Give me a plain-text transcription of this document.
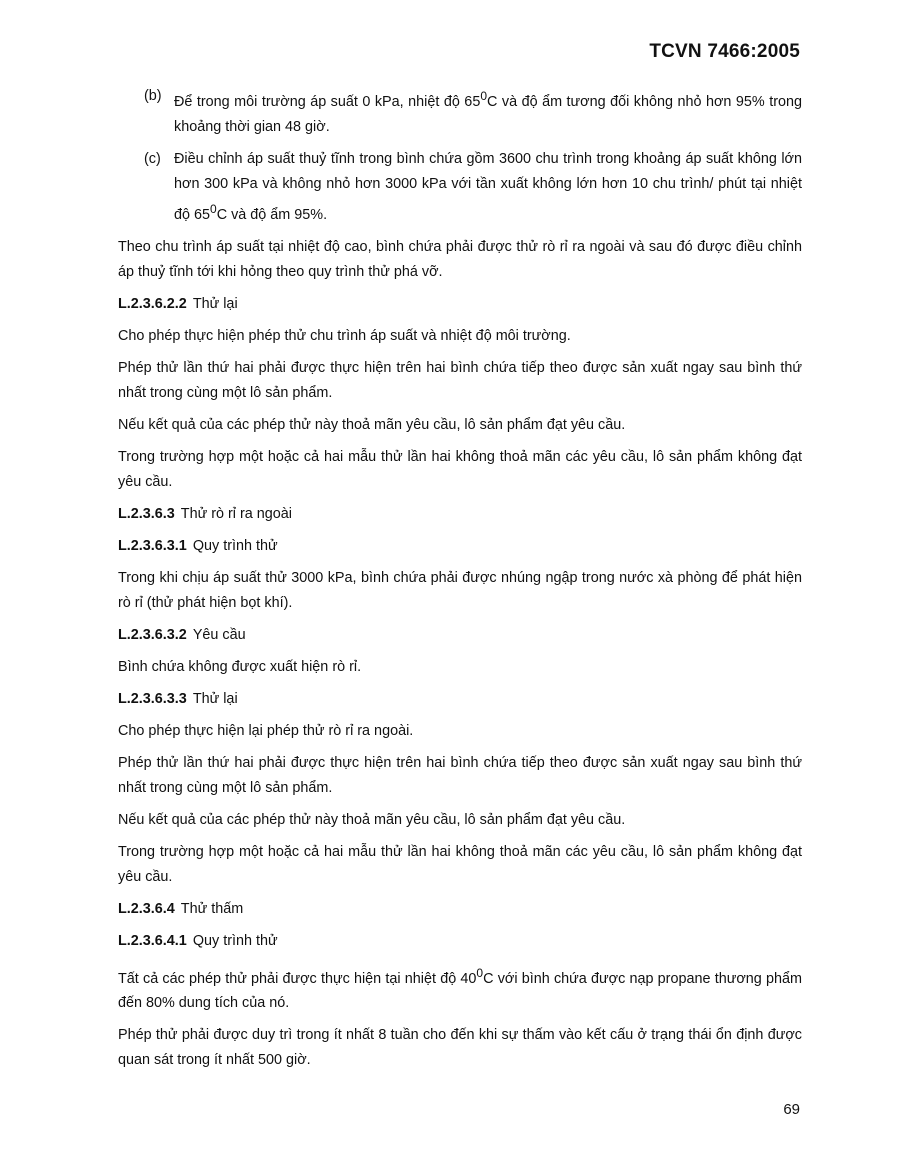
TCVN 7466:2005
(b) Để trong môi trường áp suất 0 kPa, nhiệt độ $65^0C$ và độ ẩm tương đối không nhỏ hơn 95% trong khoảng thời gian 48 giờ.
(c) Điều chỉnh áp suất thuỷ tĩnh trong bình chứa gồm 3600 chu trình trong khoảng áp suất không lớn hơn 300 kPa và không nhỏ hơn 3000 kPa với tần xuất không lớn hơn 10 chu trình/ phút tại nhiệt độ $65^0C$ và độ ẩm 95%.

Theo chu trình áp suất tại nhiệt độ cao, bình chứa phải được thử rò rỉ ra ngoài và sau đó được điều chỉnh áp thuỷ tĩnh tới khi hỏng theo quy trình thử phá vỡ.

L.2.3.6.2.2 Thử lại

Cho phép thực hiện phép thử chu trình áp suất và nhiệt độ môi trường.

Phép thử lần thứ hai phải được thực hiện trên hai bình chứa tiếp theo được sản xuất ngay sau bình thứ nhất trong cùng một lô sản phẩm.

Nếu kết quả của các phép thử này thoả mãn yêu cầu, lô sản phẩm đạt yêu cầu.

Trong trường hợp một hoặc cả hai mẫu thử lần hai không thoả mãn các yêu cầu, lô sản phẩm không đạt yêu cầu.

L.2.3.6.3 Thử rò rỉ ra ngoài
L.2.3.6.3.1 Quy trình thử

Trong khi chịu áp suất thử 3000 kPa, bình chứa phải được nhúng ngập trong nước xà phòng để phát hiện rò rỉ (thử phát hiện bọt khí).

L.2.3.6.3.2 Yêu cầu

Bình chứa không được xuất hiện rò rỉ.

L.2.3.6.3.3 Thử lại

Cho phép thực hiện lại phép thử rò rỉ ra ngoài.

Phép thử lần thứ hai phải được thực hiện trên hai bình chứa tiếp theo được sản xuất ngay sau bình thứ nhất trong cùng một lô sản phẩm.

Nếu kết quả của các phép thử này thoả mãn yêu cầu, lô sản phẩm đạt yêu cầu.

Trong trường hợp một hoặc cả hai mẫu thử lần hai không thoả mãn các yêu cầu, lô sản phẩm không đạt yêu cầu.

L.2.3.6.4 Thử thấm
L.2.3.6.4.1 Quy trình thử

Tất cả các phép thử phải được thực hiện tại nhiệt độ $40^0C$ với bình chứa được nạp propane thương phẩm đến 80% dung tích của nó.

Phép thử phải được duy trì trong ít nhất 8 tuần cho đến khi sự thấm vào kết cấu ở trạng thái ổn định được quan sát trong ít nhất 500 giờ.

69
